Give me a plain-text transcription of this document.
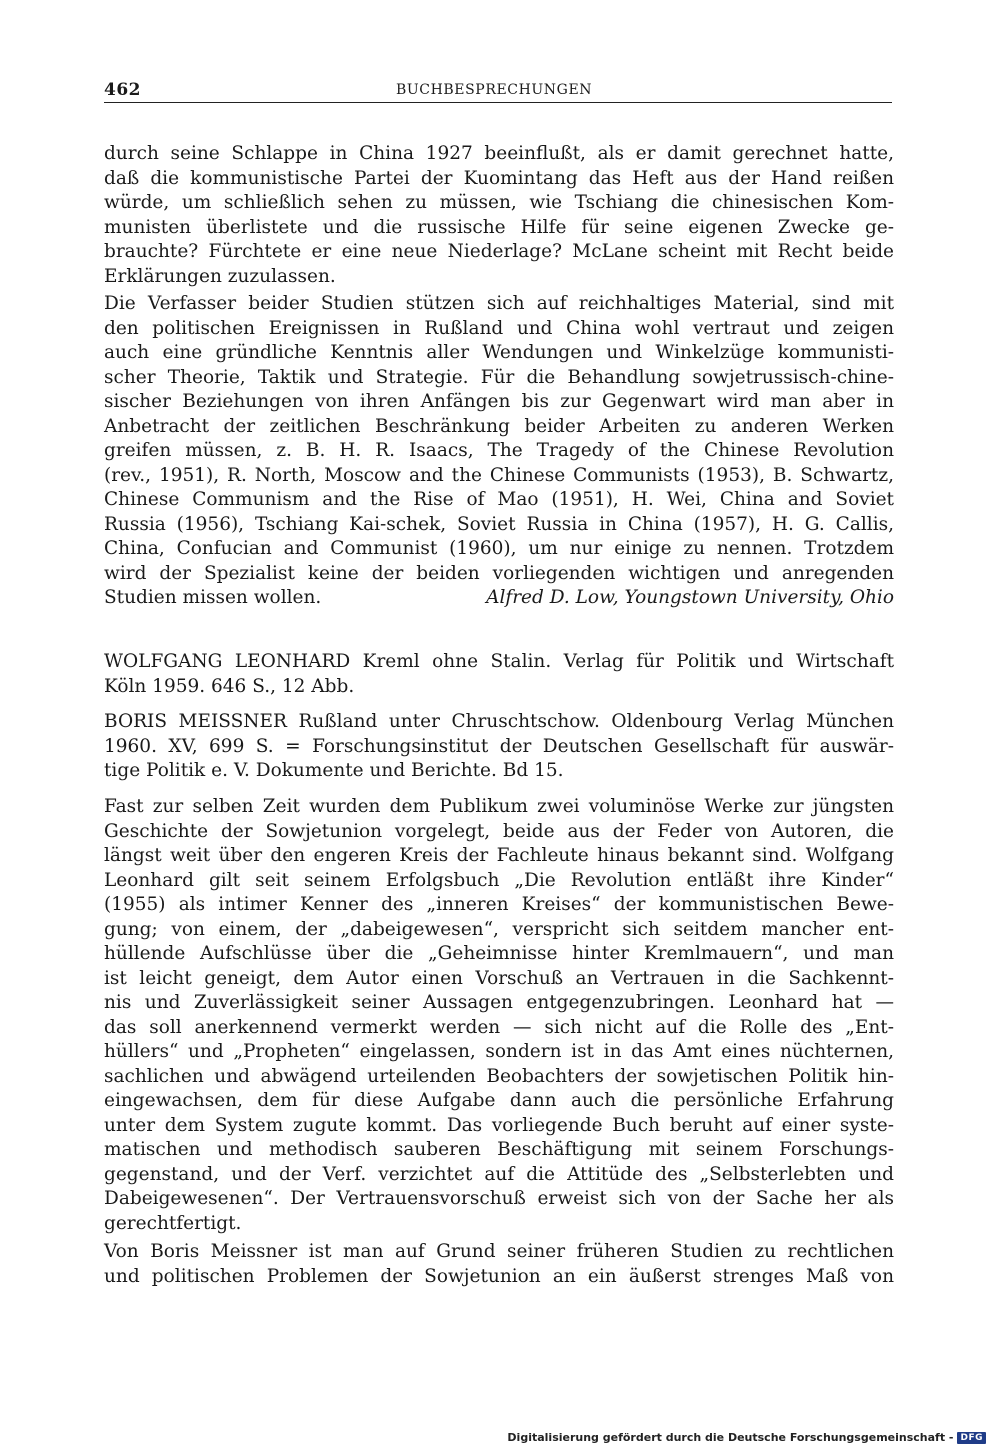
462	BUCHBESPRECHUNGEN
durch seine Schlappe in China 1927 beeinflußt, als er damit gerechnet hatte,
daß die kommunistische Partei der Kuomintang das Heft aus der Hand reißen
würde, um schließlich sehen zu müssen, wie Tschiang die chinesischen Kom-
munisten überlistete und die russische Hilfe für seine eigenen Zwecke ge-
brauchte? Fürchtete er eine neue Niederlage? McLane scheint mit Recht beide
Erklärungen zuzulassen.
Die Verfasser beider Studien stützen sich auf reichhaltiges Material, sind mit
den politischen Ereignissen in Rußland und China wohl vertraut und zeigen
auch eine gründliche Kenntnis aller Wendungen und Winkelzüge kommunisti-
scher Theorie, Taktik und Strategie. Für die Behandlung sowjetrussisch-chine-
sischer Beziehungen von ihren Anfängen bis zur Gegenwart wird man aber in
Anbetracht der zeitlichen Beschränkung beider Arbeiten zu anderen Werken
greifen müssen, z. B. H. R. Isaacs, The Tragedy of the Chinese Revolution
(rev., 1951), R. North, Moscow and the Chinese Communists (1953), B. Schwartz,
Chinese Communism and the Rise of Mao (1951), H. Wei, China and Soviet
Russia (1956), Tschiang Kai-schek, Soviet Russia in China (1957), H. G. Callis,
China, Confucian and Communist (1960), um nur einige zu nennen. Trotzdem
wird der Spezialist keine der beiden vorliegenden wichtigen und anregenden
Studien missen wollen.	Alfred D. Low, Youngstown University, Ohio
WOLFGANG LEONHARD Kreml ohne Stalin. Verlag für Politik und Wirtschaft
Köln 1959. 646 S., 12 Abb.
BORIS MEISSNER Rußland unter Chruschtschow. Oldenbourg Verlag München
1960. XV, 699 S. = Forschungsinstitut der Deutschen Gesellschaft für auswär-
tige Politik e. V. Dokumente und Berichte. Bd 15.
Fast zur selben Zeit wurden dem Publikum zwei voluminöse Werke zur jüngsten
Geschichte der Sowjetunion vorgelegt, beide aus der Feder von Autoren, die
längst weit über den engeren Kreis der Fachleute hinaus bekannt sind. Wolfgang
Leonhard gilt seit seinem Erfolgsbuch „Die Revolution entläßt ihre Kinder“
(1955) als intimer Kenner des „inneren Kreises“ der kommunistischen Bewe-
gung; von einem, der „dabeigewesen“, verspricht sich seitdem mancher ent-
hüllende Aufschlüsse über die „Geheimnisse hinter Kremlmauern“, und man
ist leicht geneigt, dem Autor einen Vorschuß an Vertrauen in die Sachkennt-
nis und Zuverlässigkeit seiner Aussagen entgegenzubringen. Leonhard hat —
das soll anerkennend vermerkt werden — sich nicht auf die Rolle des „Ent-
hüllers“ und „Propheten“ eingelassen, sondern ist in das Amt eines nüchternen,
sachlichen und abwägend urteilenden Beobachters der sowjetischen Politik hin-
eingewachsen, dem für diese Aufgabe dann auch die persönliche Erfahrung
unter dem System zugute kommt. Das vorliegende Buch beruht auf einer syste-
matischen und methodisch sauberen Beschäftigung mit seinem Forschungs-
gegenstand, und der Verf. verzichtet auf die Attitüde des „Selbsterlebten und
Dabeigewesenen“. Der Vertrauensvorschuß erweist sich von der Sache her als
gerechtfertigt.
Von Boris Meissner ist man auf Grund seiner früheren Studien zu rechtlichen
und politischen Problemen der Sowjetunion an ein äußerst strenges Maß von
Digitalisierung gefördert durch die Deutsche Forschungsgemeinschaft - DFG
